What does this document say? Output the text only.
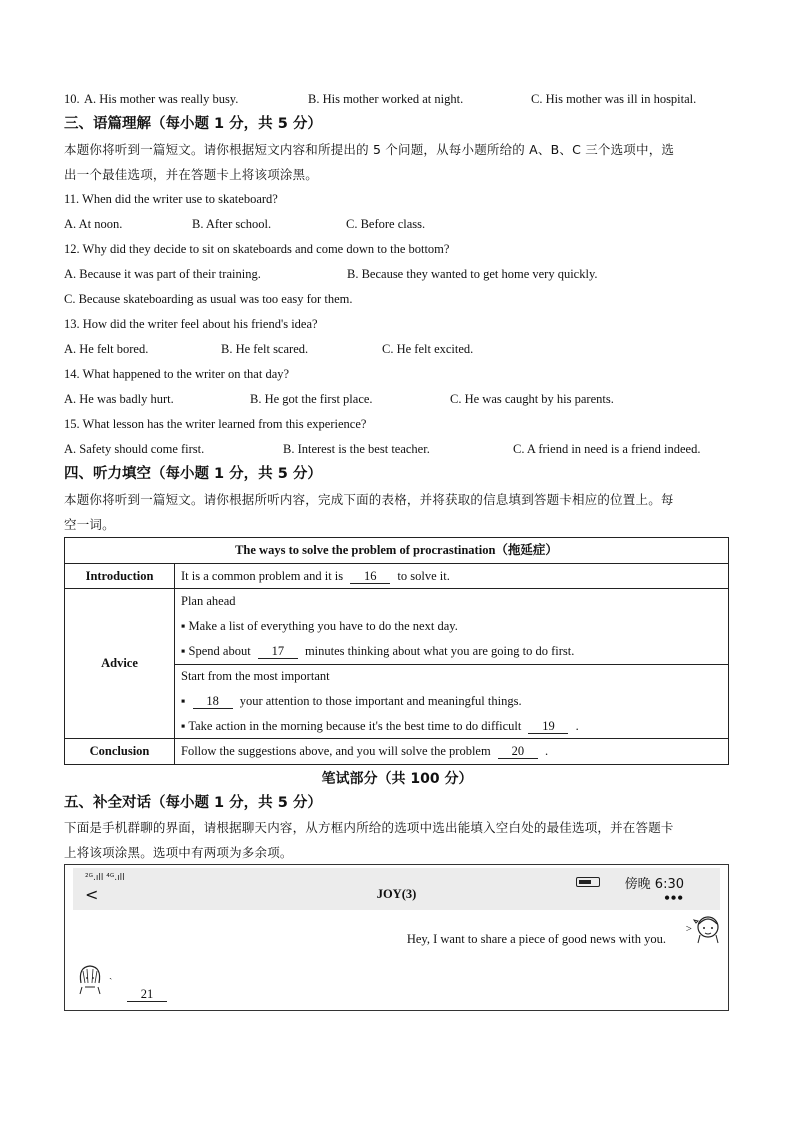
10. A. His mother was really busy.	B. His mother worked at night.	C. His mother was ill in hospital.
三、语篇理解（每小题 1 分，共 5 分）
本题你将听到一篇短文。请你根据短文内容和所提出的 5 个问题，从每小题所给的 A、B、C 三个选项中，选
出一个最佳选项，并在答题卡上将该项涂黑。
11. When did the writer use to skateboard?
A. At noon.	B. After school.	C. Before class.
12. Why did they decide to sit on skateboards and come down to the bottom?
A. Because it was part of their training.	B. Because they wanted to get home very quickly.
C. Because skateboarding as usual was too easy for them.
13. How did the writer feel about his friend's idea?
A. He felt bored.	B. He felt scared.	C. He felt excited.
14. What happened to the writer on that day?
A. He was badly hurt.	B. He got the first place.	C. He was caught by his parents.
15. What lesson has the writer learned from this experience?
A. Safety should come first.	B. Interest is the best teacher.	C. A friend in need is a friend indeed.
四、听力填空（每小题 1 分，共 5 分）
本题你将听到一篇短文。请你根据所听内容，完成下面的表格，并将获取的信息填到答题卡相应的位置上。每
空一词。
The ways to solve the problem of procrastination（拖延症）
Introduction	It is a common problem and it is 16 to solve it.
Advice
Plan ahead
▪ Make a list of everything you have to do the next day.
▪ Spend about 17 minutes thinking about what you are going to do first.
Start from the most important
▪ 18 your attention to those important and meaningful things.
▪ Take action in the morning because it's the best time to do difficult 19 .
Conclusion	Follow the suggestions above, and you will solve the problem 20 .
笔试部分（共 100 分）
五、补全对话（每小题 1 分，共 5 分）
下面是手机群聊的界面，请根据聊天内容，从方框内所给的选项中选出能填入空白处的最佳选项，并在答题卡
上将该项涂黑。选项中有两项为多余项。
²ᴳ.ıll ⁴ᴳ.ıll
<	JOY(3)
傍晚 6:30
•••
Hey, I want to share a piece of good news with you.
>
ˎ
21
